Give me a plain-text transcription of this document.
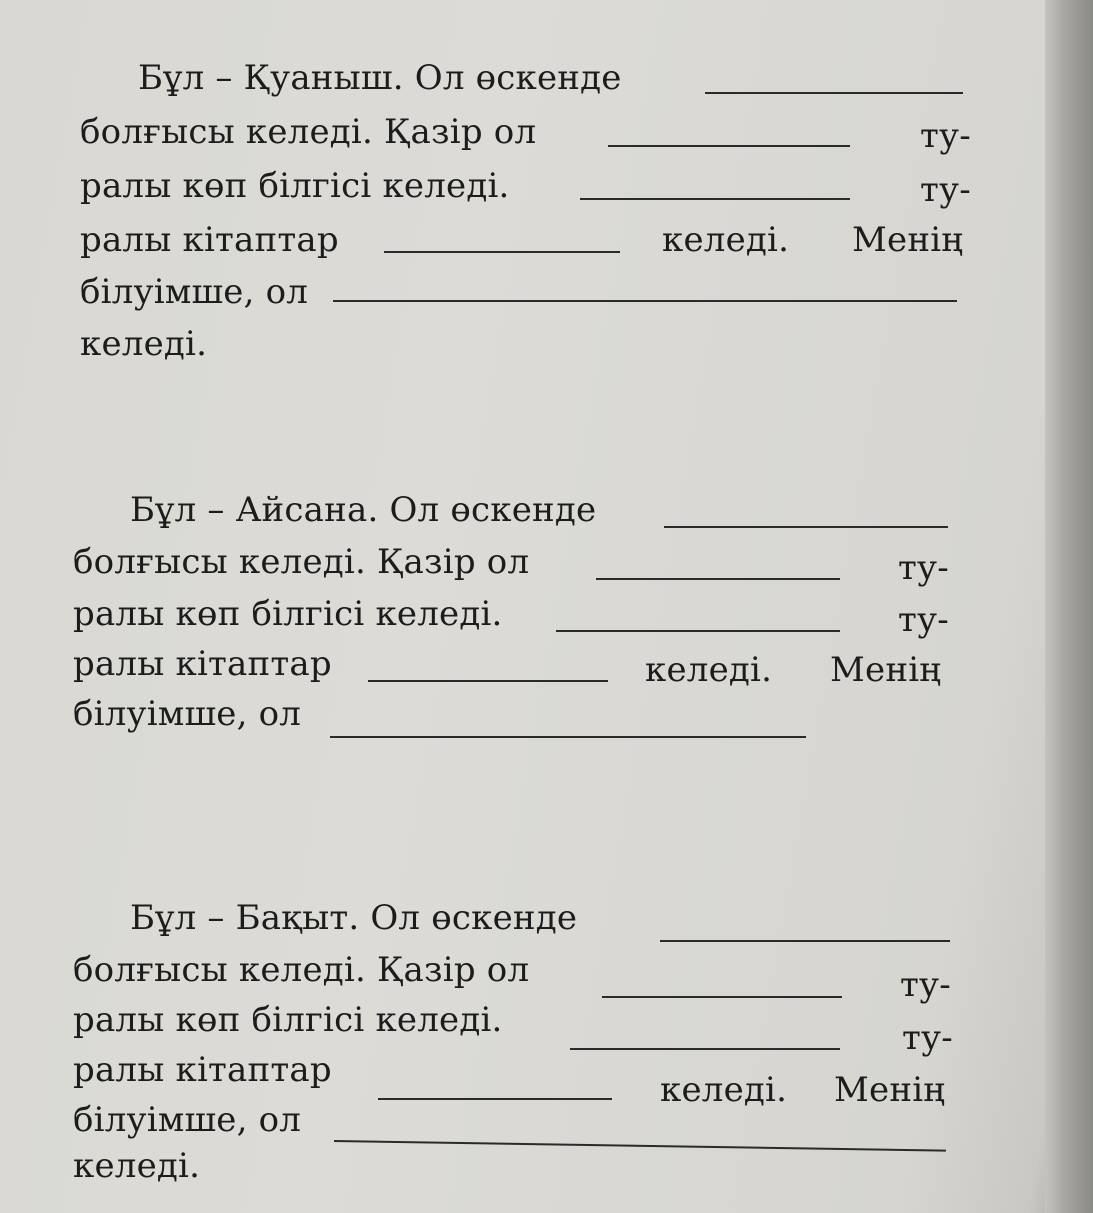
Бұл – Қуаныш. Ол өскенде
болғысы келеді. Қазір ол	ту-
ралы көп білгісі келеді.	ту-
ралы кітаптар	келеді. Менің
білуімше, ол
келеді.
Бұл – Айсана. Ол өскенде
болғысы келеді. Қазір ол	ту-
ралы көп білгісі келеді.	ту-
ралы кітаптар	келеді. Менің
білуімше, ол
Бұл – Бақыт. Ол өскенде
болғысы келеді. Қазір ол	ту-
ралы көп білгісі келеді.	ту-
ралы кітаптар	келеді. Менің
білуімше, ол
келеді.
